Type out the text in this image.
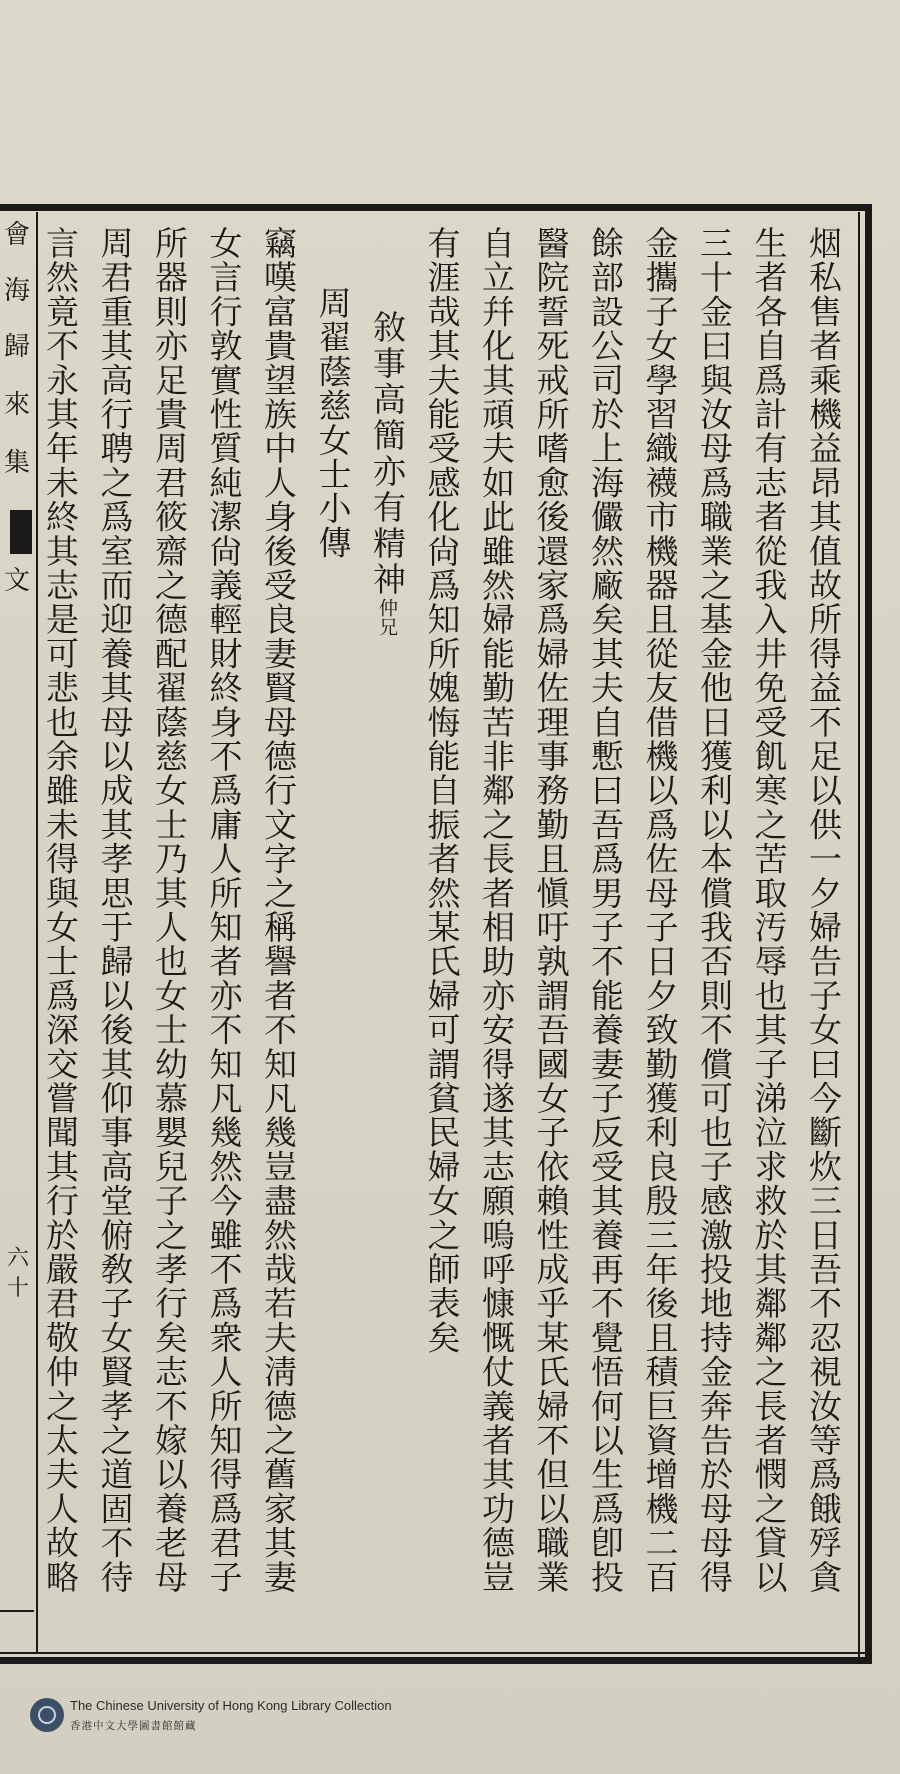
會
海
歸
來
集
文
六十	烟私售者乘機益昂其值故所得益不足以供一夕婦告子女曰今斷炊三日吾不忍視汝等爲餓殍貪
生者各自爲計有志者從我入井免受飢寒之苦取汚辱也其子涕泣求救於其鄰鄰之長者憫之貸以
三十金曰與汝母爲職業之基金他日獲利以本償我否則不償可也子感激投地持金奔告於母母得
金攜子女學習織襪市機器且從友借機以爲佐母子日夕致勤獲利良殷三年後且積巨資增機二百
餘部設公司於上海儼然廠矣其夫自慙曰吾爲男子不能養妻子反受其養再不覺悟何以生爲卽投
醫院誓死戒所嗜愈後還家爲婦佐理事務勤且愼吁孰謂吾國女子依賴性成乎某氏婦不但以職業
自立幷化其頑夫如此雖然婦能勤苦非鄰之長者相助亦安得遂其志願嗚呼慷慨仗義者其功德豈
有涯哉其夫能受感化尙爲知所媿悔能自振者然某氏婦可謂貧民婦女之師表矣
敘事高簡亦有精神仲兄
周翟蔭慈女士小傳
竊嘆富貴望族中人身後受良妻賢母德行文字之稱譽者不知凡幾豈盡然哉若夫淸德之舊家其妻
女言行敦實性質純潔尙義輕財終身不爲庸人所知者亦不知凡幾然今雖不爲衆人所知得爲君子
所器則亦足貴周君筱齋之德配翟蔭慈女士乃其人也女士幼慕嬰兒子之孝行矣志不嫁以養老母
周君重其高行聘之爲室而迎養其母以成其孝思于歸以後其仰事高堂俯敎子女賢孝之道固不待
言然竟不永其年未終其志是可悲也余雖未得與女士爲深交嘗聞其行於嚴君敬仲之太夫人故略
The Chinese University of Hong Kong Library Collection
香港中文大學圖書館館藏
